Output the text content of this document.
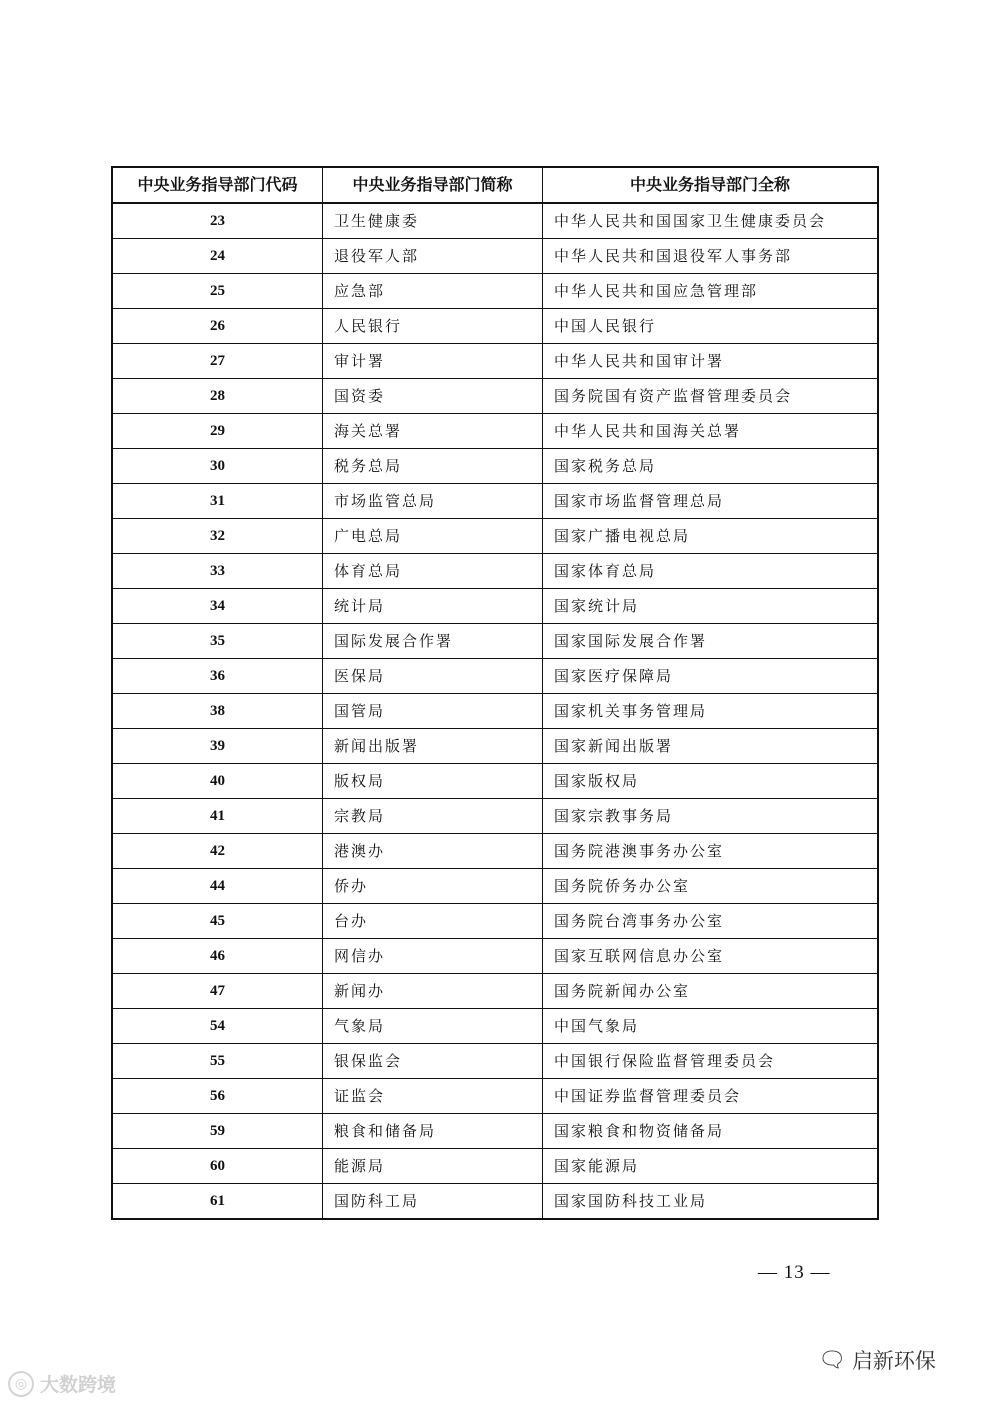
中央业务指导部门代码	中央业务指导部门简称	中央业务指导部门全称
23	卫生健康委	中华人民共和国国家卫生健康委员会
24	退役军人部	中华人民共和国退役军人事务部
25	应急部	中华人民共和国应急管理部
26	人民银行	中国人民银行
27	审计署	中华人民共和国审计署
28	国资委	国务院国有资产监督管理委员会
29	海关总署	中华人民共和国海关总署
30	税务总局	国家税务总局
31	市场监管总局	国家市场监督管理总局
32	广电总局	国家广播电视总局
33	体育总局	国家体育总局
34	统计局	国家统计局
35	国际发展合作署	国家国际发展合作署
36	医保局	国家医疗保障局
38	国管局	国家机关事务管理局
39	新闻出版署	国家新闻出版署
40	版权局	国家版权局
41	宗教局	国家宗教事务局
42	港澳办	国务院港澳事务办公室
44	侨办	国务院侨务办公室
45	台办	国务院台湾事务办公室
46	网信办	国家互联网信息办公室
47	新闻办	国务院新闻办公室
54	气象局	中国气象局
55	银保监会	中国银行保险监督管理委员会
56	证监会	中国证券监督管理委员会
59	粮食和储备局	国家粮食和物资储备局
60	能源局	国家能源局
61	国防科工局	国家国防科技工业局
— 13 —
◎ 大数跨境
🗨 启新环保
